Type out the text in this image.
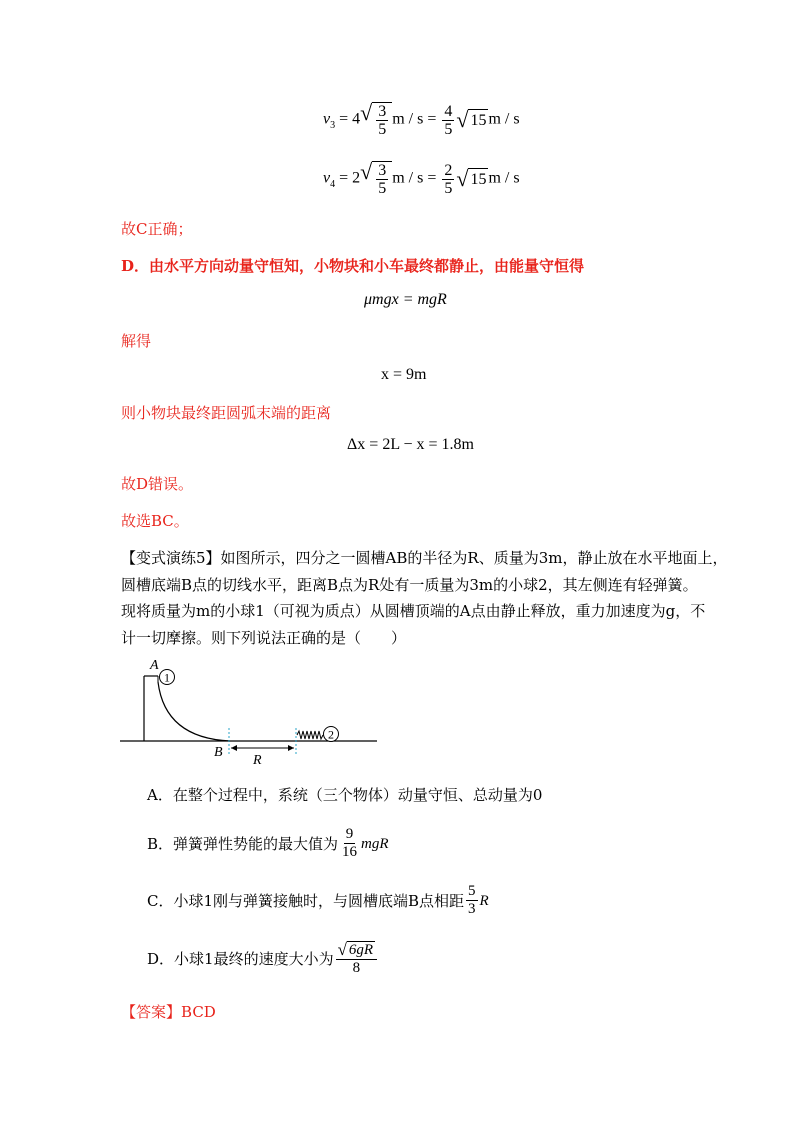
$v_3 = 4$ √ $\frac{3}{5}$ $m / s = \frac{4}{5}$ √ 15 m / s
$v_4 = 2$ √ $\frac{3}{5}$ $m / s = \frac{2}{5}$ √ 15 m / s
故C正确；
D．由水平方向动量守恒知，小物块和小车最终都静止，由能量守恒得
μmgx = mgR
解得
x = 9m
则小物块最终距圆弧末端的距离
Δx = 2L − x = 1.8m
故D错误。
故选BC。
【变式演练5】如图所示，四分之一圆槽AB的半径为R、质量为3m，静止放在水平地面上，
圆槽底端B点的切线水平，距离B点为R处有一质量为3m的小球2，其左侧连有轻弹簧。
现将质量为m的小球1（可视为质点）从圆槽顶端的A点由静止释放，重力加速度为g，不
计一切摩擦。则下列说法正确的是（　　）
1
A
B
R
2
A．在整个过程中，系统（三个物体）动量守恒、总动量为0
B．弹簧弹性势能的最大值为 $\frac{9}{16}$ mgR
C．小球1刚与弹簧接触时，与圆槽底端B点相距 $\frac{5}{3}$ R
D．小球1最终的速度大小为 $\frac{√ 6gR}{8}$
【答案】BCD
